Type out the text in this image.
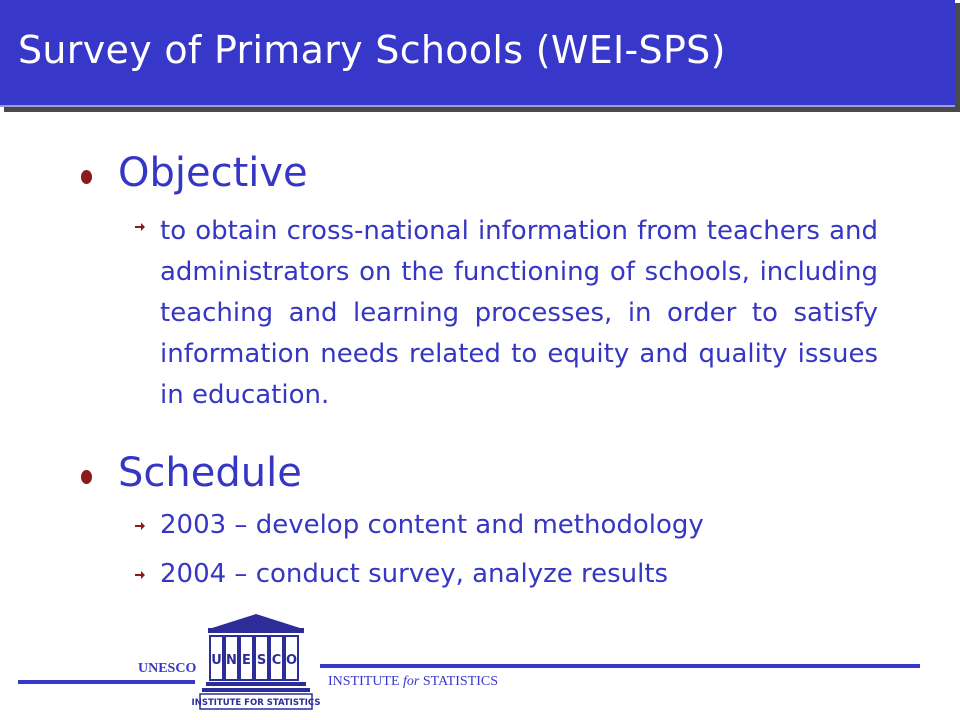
Survey of Primary Schools (WEI-SPS)
Objective
to obtain cross-national information from teachers and administrators on the functioning of schools, including teaching and learning processes, in order to satisfy information needs related to equity and quality issues in education.
Schedule
2003 – develop content and methodology
2004 – conduct survey, analyze results
UNESCO
INSTITUTE for STATISTICS
U N E S C O
INSTITUTE FOR STATISTICS
